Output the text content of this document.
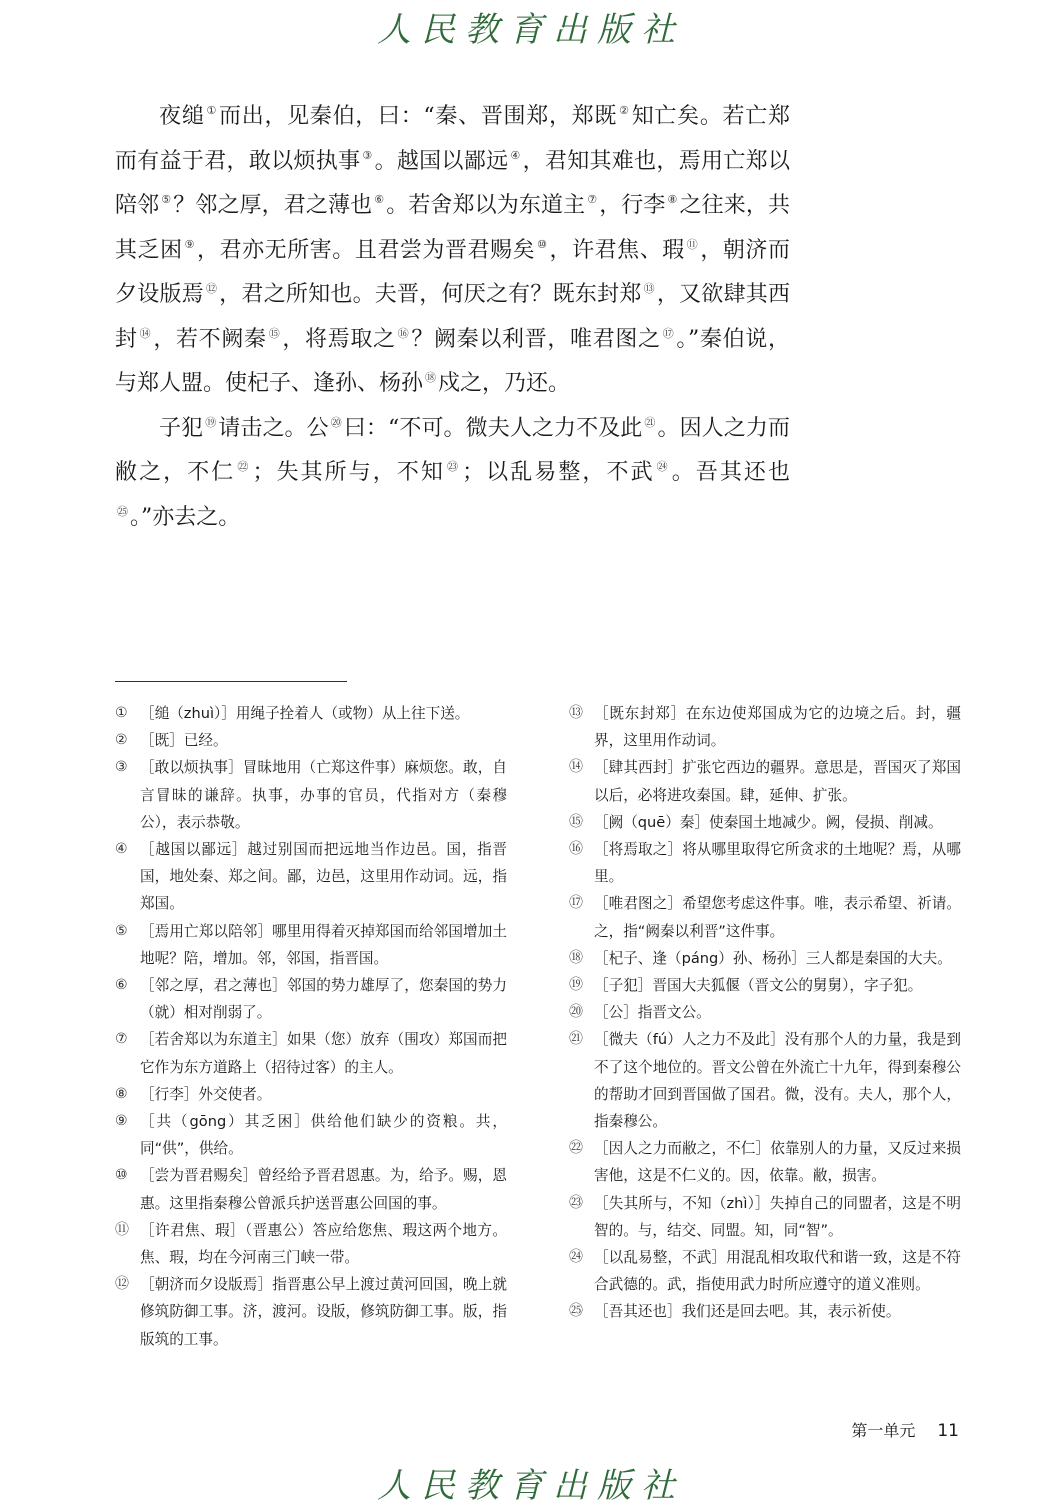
人民教育出版社

夜缒 ①而出，见秦伯，曰：“秦、晋围郑，郑既 ②知亡矣。若亡郑而有益于君，敢以烦执事 ③。越国以鄙远 ④，君知其难也，焉用亡郑以陪邻 ⑤？邻之厚，君之薄也 ⑥。若舍郑以为东道主 ⑦，行李 ⑧之往来，共其乏困 ⑨，君亦无所害。且君尝为晋君赐矣 ⑩，许君焦、瑕 ⑪，朝济而夕设版焉 ⑫，君之所知也。夫晋，何厌之有？既东封郑 ⑬，又欲肆其西封 ⑭，若不阙秦 ⑮，将焉取之 ⑯？阙秦以利晋，唯君图之 ⑰。”秦伯说，与郑人盟。使杞子、逢孙、杨孙 ⑱戍之，乃还。

子犯 ⑲请击之。公 ⑳曰：“不可。微夫人之力不及此 $^㉑$。因人之力而敝之，不仁 $^㉒$；失其所与，不知 $^㉓$；以乱易整，不武 $^㉔$。吾其还也$^㉕$。”亦去之。

① ［缒（zhuì）］用绳子拴着人（或物）从上往下送。
② ［既］已经。
③ ［敢以烦执事］冒昧地用（亡郑这件事）麻烦您。敢，自言冒昧的谦辞。执事，办事的官员，代指对方（秦穆公），表示恭敬。
④ ［越国以鄙远］越过别国而把远地当作边邑。国，指晋国，地处秦、郑之间。鄙，边邑，这里用作动词。远，指郑国。
⑤ ［焉用亡郑以陪邻］哪里用得着灭掉郑国而给邻国增加土地呢？陪，增加。邻，邻国，指晋国。
⑥ ［邻之厚，君之薄也］邻国的势力雄厚了，您秦国的势力（就）相对削弱了。
⑦ ［若舍郑以为东道主］如果（您）放弃（围攻）郑国而把它作为东方道路上（招待过客）的主人。
⑧ ［行李］外交使者。
⑨ ［共（gōng）其乏困］供给他们缺少的资粮。共，同“供”，供给。
⑩ ［尝为晋君赐矣］曾经给予晋君恩惠。为，给予。赐，恩惠。这里指秦穆公曾派兵护送晋惠公回国的事。
⑪ ［许君焦、瑕］（晋惠公）答应给您焦、瑕这两个地方。焦、瑕，均在今河南三门峡一带。
⑫ ［朝济而夕设版焉］指晋惠公早上渡过黄河回国，晚上就修筑防御工事。济，渡河。设版，修筑防御工事。版，指版筑的工事。
⑬ ［既东封郑］在东边使郑国成为它的边境之后。封，疆界，这里用作动词。
⑭ ［肆其西封］扩张它西边的疆界。意思是，晋国灭了郑国以后，必将进攻秦国。肆，延伸、扩张。
⑮ ［阙（quē）秦］使秦国土地减少。阙，侵损、削减。
⑯ ［将焉取之］将从哪里取得它所贪求的土地呢？焉，从哪里。
⑰ ［唯君图之］希望您考虑这件事。唯，表示希望、祈请。之，指“阙秦以利晋”这件事。
⑱ ［杞子、逢（páng）孙、杨孙］三人都是秦国的大夫。
⑲ ［子犯］晋国大夫狐偃（晋文公的舅舅），字子犯。
⑳ ［公］指晋文公。
㉑ ［微夫（fú）人之力不及此］没有那个人的力量，我是到不了这个地位的。晋文公曾在外流亡十九年，得到秦穆公的帮助才回到晋国做了国君。微，没有。夫人，那个人，指秦穆公。
㉒ ［因人之力而敝之，不仁］依靠别人的力量，又反过来损害他，这是不仁义的。因，依靠。敝，损害。
㉓ ［失其所与，不知（zhì）］失掉自己的同盟者，这是不明智的。与，结交、同盟。知，同“智”。
㉔ ［以乱易整，不武］用混乱相攻取代和谐一致，这是不符合武德的。武，指使用武力时所应遵守的道义准则。
㉕ ［吾其还也］我们还是回去吧。其，表示祈使。
第一单元 11
人民教育出版社
